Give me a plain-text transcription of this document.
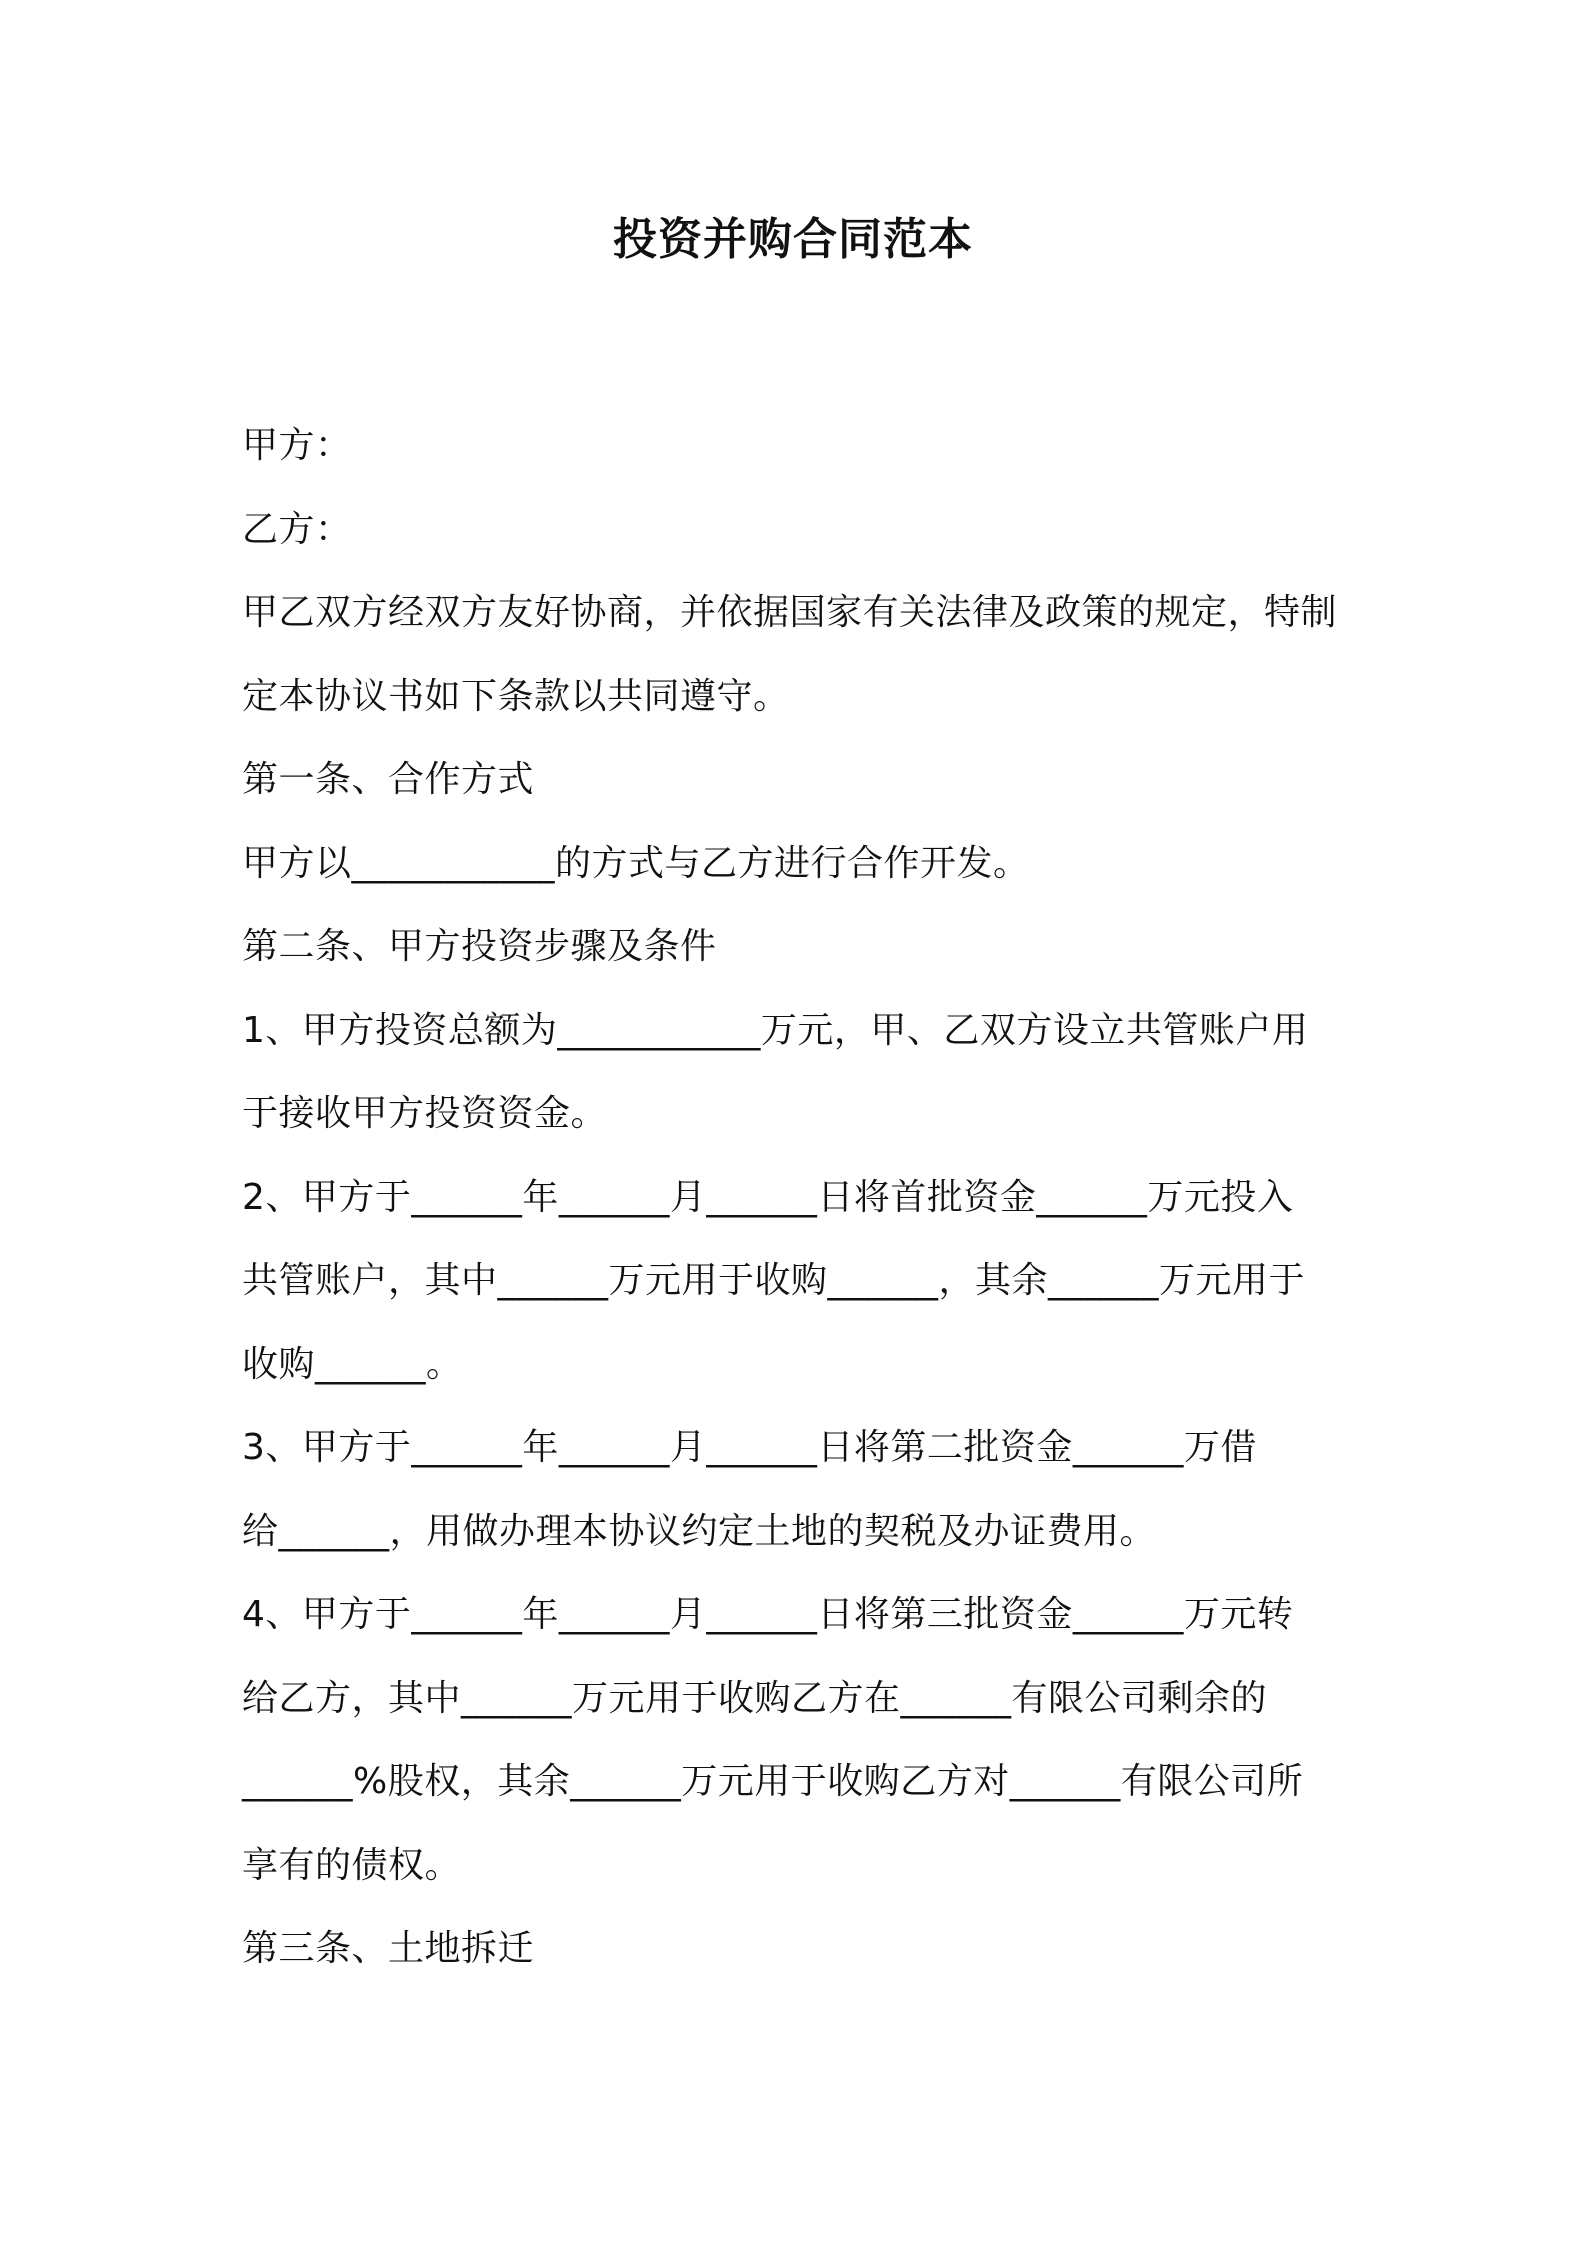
投资并购合同范本
甲方：
乙方：
甲乙双方经双方友好协商，并依据国家有关法律及政策的规定，特制
定本协议书如下条款以共同遵守。
第一条、合作方式
甲方以___________的方式与乙方进行合作开发。
第二条、甲方投资步骤及条件
1、甲方投资总额为___________万元，甲、乙双方设立共管账户用
于接收甲方投资资金。
2、甲方于______年______月______日将首批资金______万元投入
共管账户，其中______万元用于收购______，其余______万元用于
收购______。
3、甲方于______年______月______日将第二批资金______万借
给______，用做办理本协议约定土地的契税及办证费用。
4、甲方于______年______月______日将第三批资金______万元转
给乙方，其中______万元用于收购乙方在______有限公司剩余的
______%股权，其余______万元用于收购乙方对______有限公司所
享有的债权。
第三条、土地拆迁
